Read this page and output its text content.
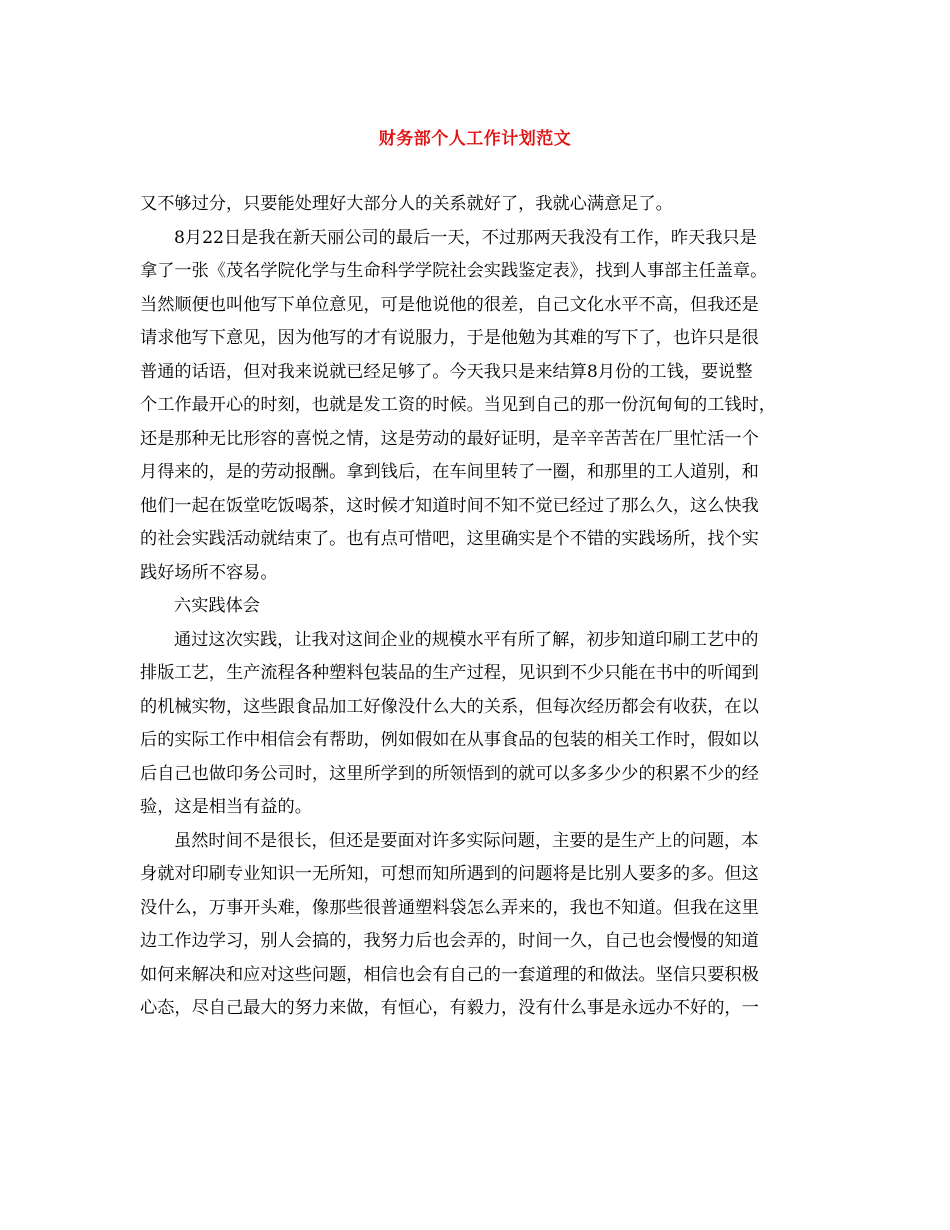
财务部个人工作计划范文
又不够过分，只要能处理好大部分人的关系就好了，我就心满意足了。
8月22日是我在新天丽公司的最后一天，不过那两天我没有工作，昨天我只是
拿了一张《茂名学院化学与生命科学学院社会实践鉴定表》，找到人事部主任盖章。
当然顺便也叫他写下单位意见，可是他说他的很差，自己文化水平不高，但我还是
请求他写下意见，因为他写的才有说服力，于是他勉为其难的写下了，也许只是很
普通的话语，但对我来说就已经足够了。今天我只是来结算8月份的工钱，要说整
个工作最开心的时刻，也就是发工资的时候。当见到自己的那一份沉甸甸的工钱时，
还是那种无比形容的喜悦之情，这是劳动的最好证明，是辛辛苦苦在厂里忙活一个
月得来的，是的劳动报酬。拿到钱后，在车间里转了一圈，和那里的工人道别，和
他们一起在饭堂吃饭喝茶，这时候才知道时间不知不觉已经过了那么久，这么快我
的社会实践活动就结束了。也有点可惜吧，这里确实是个不错的实践场所，找个实
践好场所不容易。
六实践体会
通过这次实践，让我对这间企业的规模水平有所了解，初步知道印刷工艺中的
排版工艺，生产流程各种塑料包装品的生产过程，见识到不少只能在书中的听闻到
的机械实物，这些跟食品加工好像没什么大的关系，但每次经历都会有收获，在以
后的实际工作中相信会有帮助，例如假如在从事食品的包装的相关工作时，假如以
后自己也做印务公司时，这里所学到的所领悟到的就可以多多少少的积累不少的经
验，这是相当有益的。
虽然时间不是很长，但还是要面对许多实际问题，主要的是生产上的问题，本
身就对印刷专业知识一无所知，可想而知所遇到的问题将是比别人要多的多。但这
没什么，万事开头难，像那些很普通塑料袋怎么弄来的，我也不知道。但我在这里
边工作边学习，别人会搞的，我努力后也会弄的，时间一久，自己也会慢慢的知道
如何来解决和应对这些问题，相信也会有自己的一套道理的和做法。坚信只要积极
心态，尽自己最大的努力来做，有恒心，有毅力，没有什么事是永远办不好的，一
